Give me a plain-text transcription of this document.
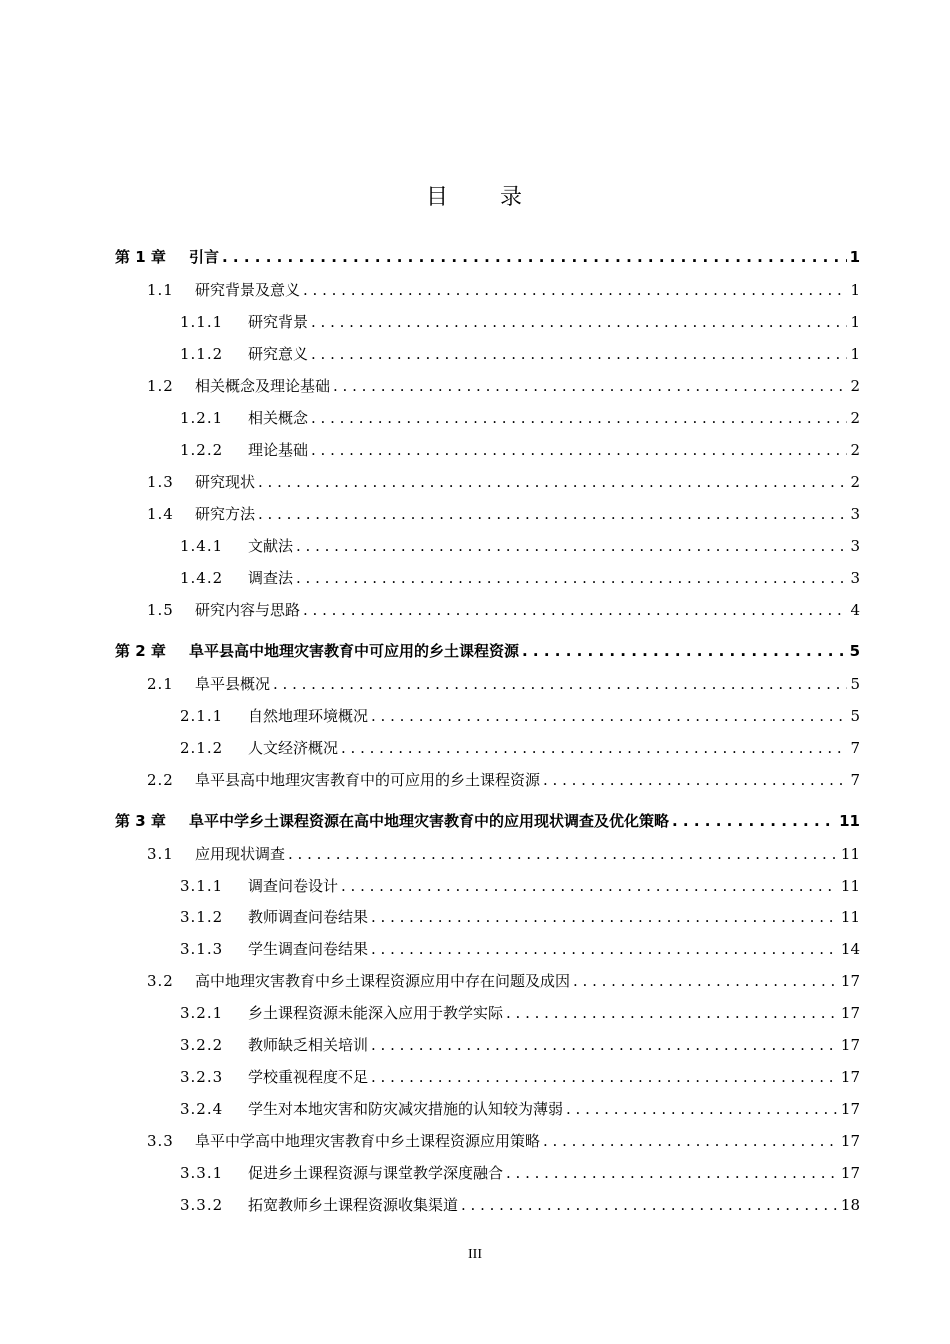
目 录
第 1 章	引言 . . .	1
1.1	研究背景及意义 . . .	1
1.1.1	研究背景 . . .	1
1.1.2	研究意义 . . .	1
1.2	相关概念及理论基础 . . .	2
1.2.1	相关概念 . . .	2
1.2.2	理论基础 . . .	2
1.3	研究现状 . . .	2
1.4	研究方法 . . .	3
1.4.1	文献法 . . .	3
1.4.2	调查法 . . .	3
1.5	研究内容与思路 . . .	4
第 2 章	阜平县高中地理灾害教育中可应用的乡土课程资源 . . .	5
2.1	阜平县概况 . . .	5
2.1.1	自然地理环境概况 . . .	5
2.1.2	人文经济概况 . . .	7
2.2	阜平县高中地理灾害教育中的可应用的乡土课程资源 . . .	7
第 3 章	阜平中学乡土课程资源在高中地理灾害教育中的应用现状调查及优化策略 . . .	11
3.1	应用现状调查 . . .	11
3.1.1	调查问卷设计 . . .	11
3.1.2	教师调查问卷结果 . . .	11
3.1.3	学生调查问卷结果 . . .	14
3.2	高中地理灾害教育中乡土课程资源应用中存在问题及成因 . . .	17
3.2.1	乡土课程资源未能深入应用于教学实际 . . .	17
3.2.2	教师缺乏相关培训 . . .	17
3.2.3	学校重视程度不足 . . .	17
3.2.4	学生对本地灾害和防灾减灾措施的认知较为薄弱 . . .	17
3.3	阜平中学高中地理灾害教育中乡土课程资源应用策略 . . .	17
3.3.1	促进乡土课程资源与课堂教学深度融合 . . .	17
3.3.2	拓宽教师乡土课程资源收集渠道 . . .	18
III
